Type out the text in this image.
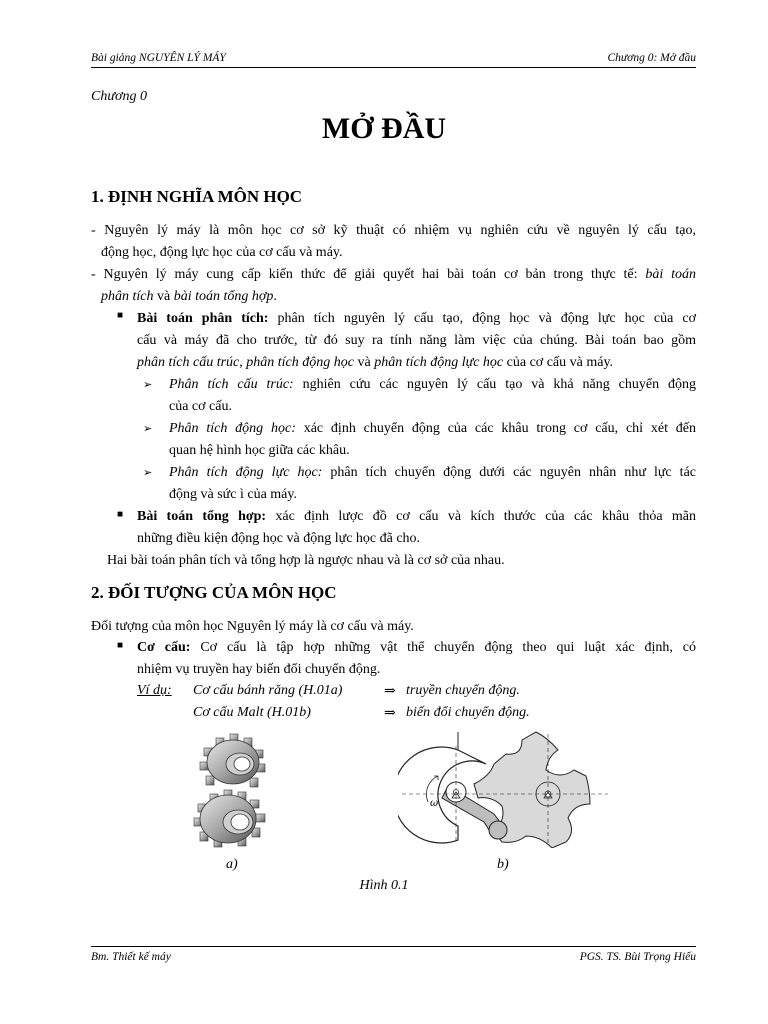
Bài giảng NGUYÊN LÝ MÁY	Chương 0: Mở đầu
Chương 0
MỞ ĐẦU
1. ĐỊNH NGHĨA MÔN HỌC
- Nguyên lý máy là môn học cơ sở kỹ thuật có nhiệm vụ nghiên cứu về nguyên lý cấu tạo,
động học, động lực học của cơ cấu và máy.
- Nguyên lý máy cung cấp kiến thức để giải quyết hai bài toán cơ bản trong thực tế: bài toán
phân tích và bài toán tổng hợp.
■ Bài toán phân tích: phân tích nguyên lý cấu tạo, động học và động lực học của cơ
cấu và máy đã cho trước, từ đó suy ra tính năng làm việc của chúng. Bài toán bao gồm
phân tích cấu trúc, phân tích động học và phân tích động lực học của cơ cấu và máy.
➢ Phân tích cấu trúc: nghiên cứu các nguyên lý cấu tạo và khả năng chuyển động
của cơ cấu.
➢ Phân tích động học: xác định chuyển động của các khâu trong cơ cấu, chỉ xét đến
quan hệ hình học giữa các khâu.
➢ Phân tích động lực học: phân tích chuyển động dưới các nguyên nhân như lực tác
động và sức ì của máy.
■ Bài toán tổng hợp: xác định lược đồ cơ cấu và kích thước của các khâu thỏa mãn
những điều kiện động học và động lực học đã cho.
Hai bài toán phân tích và tổng hợp là ngược nhau và là cơ sở của nhau.
2. ĐỐI TƯỢNG CỦA MÔN HỌC
Đối tượng của môn học Nguyên lý máy là cơ cấu và máy.
■ Cơ cấu: Cơ cấu là tập hợp những vật thể chuyển động theo qui luật xác định, có
nhiệm vụ truyền hay biến đổi chuyển động.
Ví dụ: Cơ cấu bánh răng (H.01a)	⇒ truyền chuyển động.
Cơ cấu Malt (H.01b)	⇒ biến đổi chuyển động.
ω
a)	b)
Hình 0.1
Bm. Thiết kế máy	PGS. TS. Bùi Trọng Hiếu
